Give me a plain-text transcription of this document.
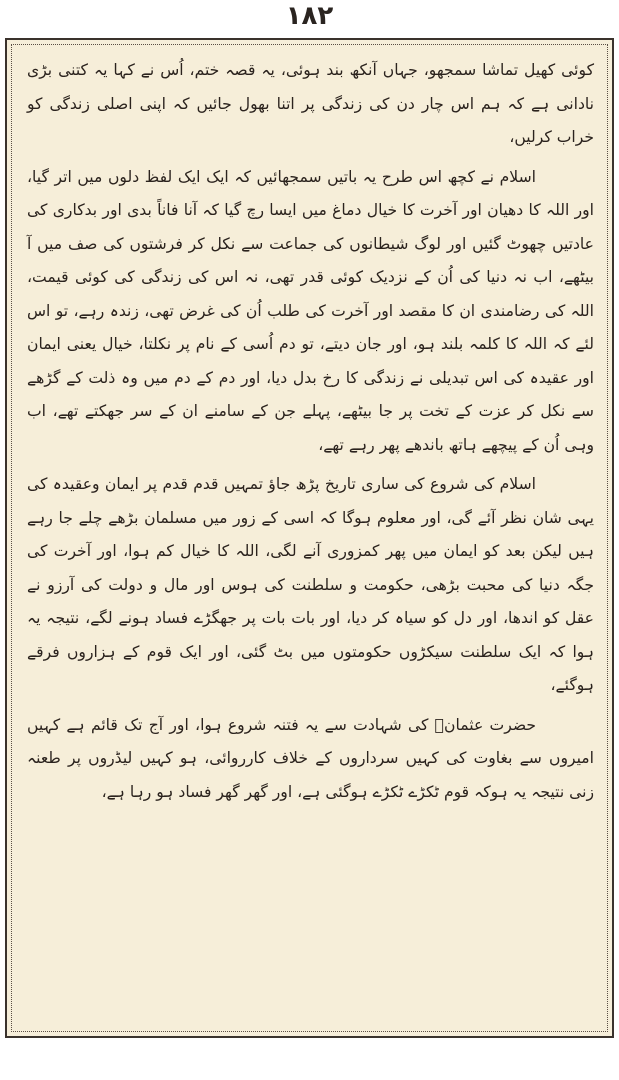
۱۸۲

کوئی کھیل تماشا سمجھو، جہاں آنکھ بند ہوئی، یہ قصہ ختم، اُس نے کہا یہ کتنی بڑی نادانی ہے کہ ہم اس چار دن کی زندگی پر اتنا بھول جائیں کہ اپنی اصلی زندگی کو خراب کرلیں،

اسلام نے کچھ اس طرح یہ باتیں سمجھائیں کہ ایک ایک لفظ دلوں میں اتر گیا، اور اللہ کا دھیان اور آخرت کا خیال دماغ میں ایسا رچ گیا کہ آنا فاناً بدی اور بدکاری کی عادتیں چھوٹ گئیں اور لوگ شیطانوں کی جماعت سے نکل کر فرشتوں کی صف میں آ بیٹھے، اب نہ دنیا کی اُن کے نزدیک کوئی قدر تھی، نہ اس کی زندگی کی کوئی قیمت، اللہ کی رضامندی ان کا مقصد اور آخرت کی طلب اُن کی غرض تھی، زندہ رہے، تو اس لئے کہ اللہ کا کلمہ بلند ہو، اور جان دیتے، تو دم اُسی کے نام پر نکلتا، خیال یعنی ایمان اور عقیدہ کی اس تبدیلی نے زندگی کا رخ بدل دیا، اور دم کے دم میں وہ ذلت کے گڑھے سے نکل کر عزت کے تخت پر جا بیٹھے، پہلے جن کے سامنے ان کے سر جھکتے تھے، اب وہی اُن کے پیچھے ہاتھ باندھے پھر رہے تھے،

اسلام کی شروع کی ساری تاریخ پڑھ جاؤ تمہیں قدم قدم پر ایمان وعقیدہ کی یہی شان نظر آئے گی، اور معلوم ہوگا کہ اسی کے زور میں مسلمان بڑھے چلے جا رہے ہیں لیکن بعد کو ایمان میں پھر کمزوری آنے لگی، اللہ کا خیال کم ہوا، اور آخرت کی جگہ دنیا کی محبت بڑھی، حکومت و سلطنت کی ہوس اور مال و دولت کی آرزو نے عقل کو اندھا، اور دل کو سیاہ کر دیا، اور بات بات پر جھگڑے فساد ہونے لگے، نتیجہ یہ ہوا کہ ایک سلطنت سیکڑوں حکومتوں میں بٹ گئی، اور ایک قوم کے ہزاروں فرقے ہوگئے،

حضرت عثمانؓ کی شہادت سے یہ فتنہ شروع ہوا، اور آج تک قائم ہے کہیں امیروں سے بغاوت کی کہیں سرداروں کے خلاف کارروائی، ہو کہیں لیڈروں پر طعنہ زنی نتیجہ یہ ہوکہ قوم ٹکڑے ٹکڑے ہوگئی ہے، اور گھر گھر فساد ہو رہا ہے،
